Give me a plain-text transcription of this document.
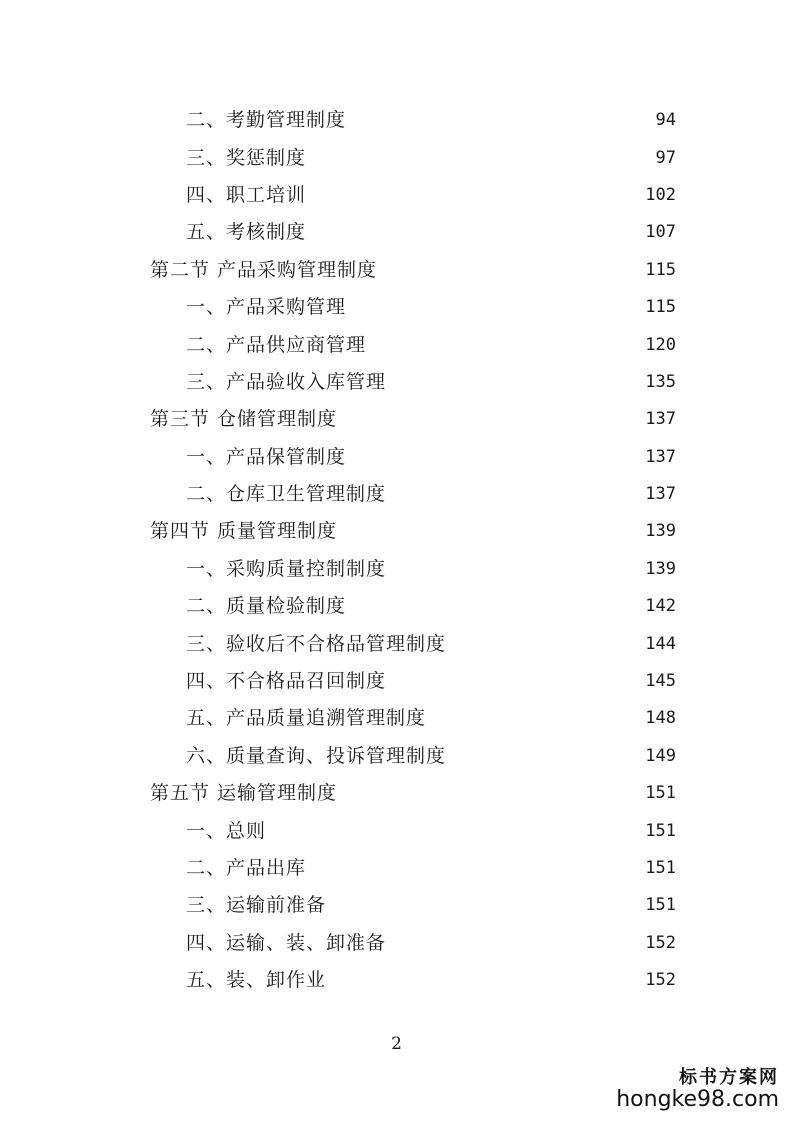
二、考勤管理制度	94
三、奖惩制度	97
四、职工培训	102
五、考核制度	107
第二节 产品采购管理制度	115
一、产品采购管理	115
二、产品供应商管理	120
三、产品验收入库管理	135
第三节 仓储管理制度	137
一、产品保管制度	137
二、仓库卫生管理制度	137
第四节 质量管理制度	139
一、采购质量控制制度	139
二、质量检验制度	142
三、验收后不合格品管理制度	144
四、不合格品召回制度	145
五、产品质量追溯管理制度	148
六、质量查询、投诉管理制度	149
第五节 运输管理制度	151
一、总则	151
二、产品出库	151
三、运输前准备	151
四、运输、装、卸准备	152
五、装、卸作业	152
2
标书方案网
hongke98.com
